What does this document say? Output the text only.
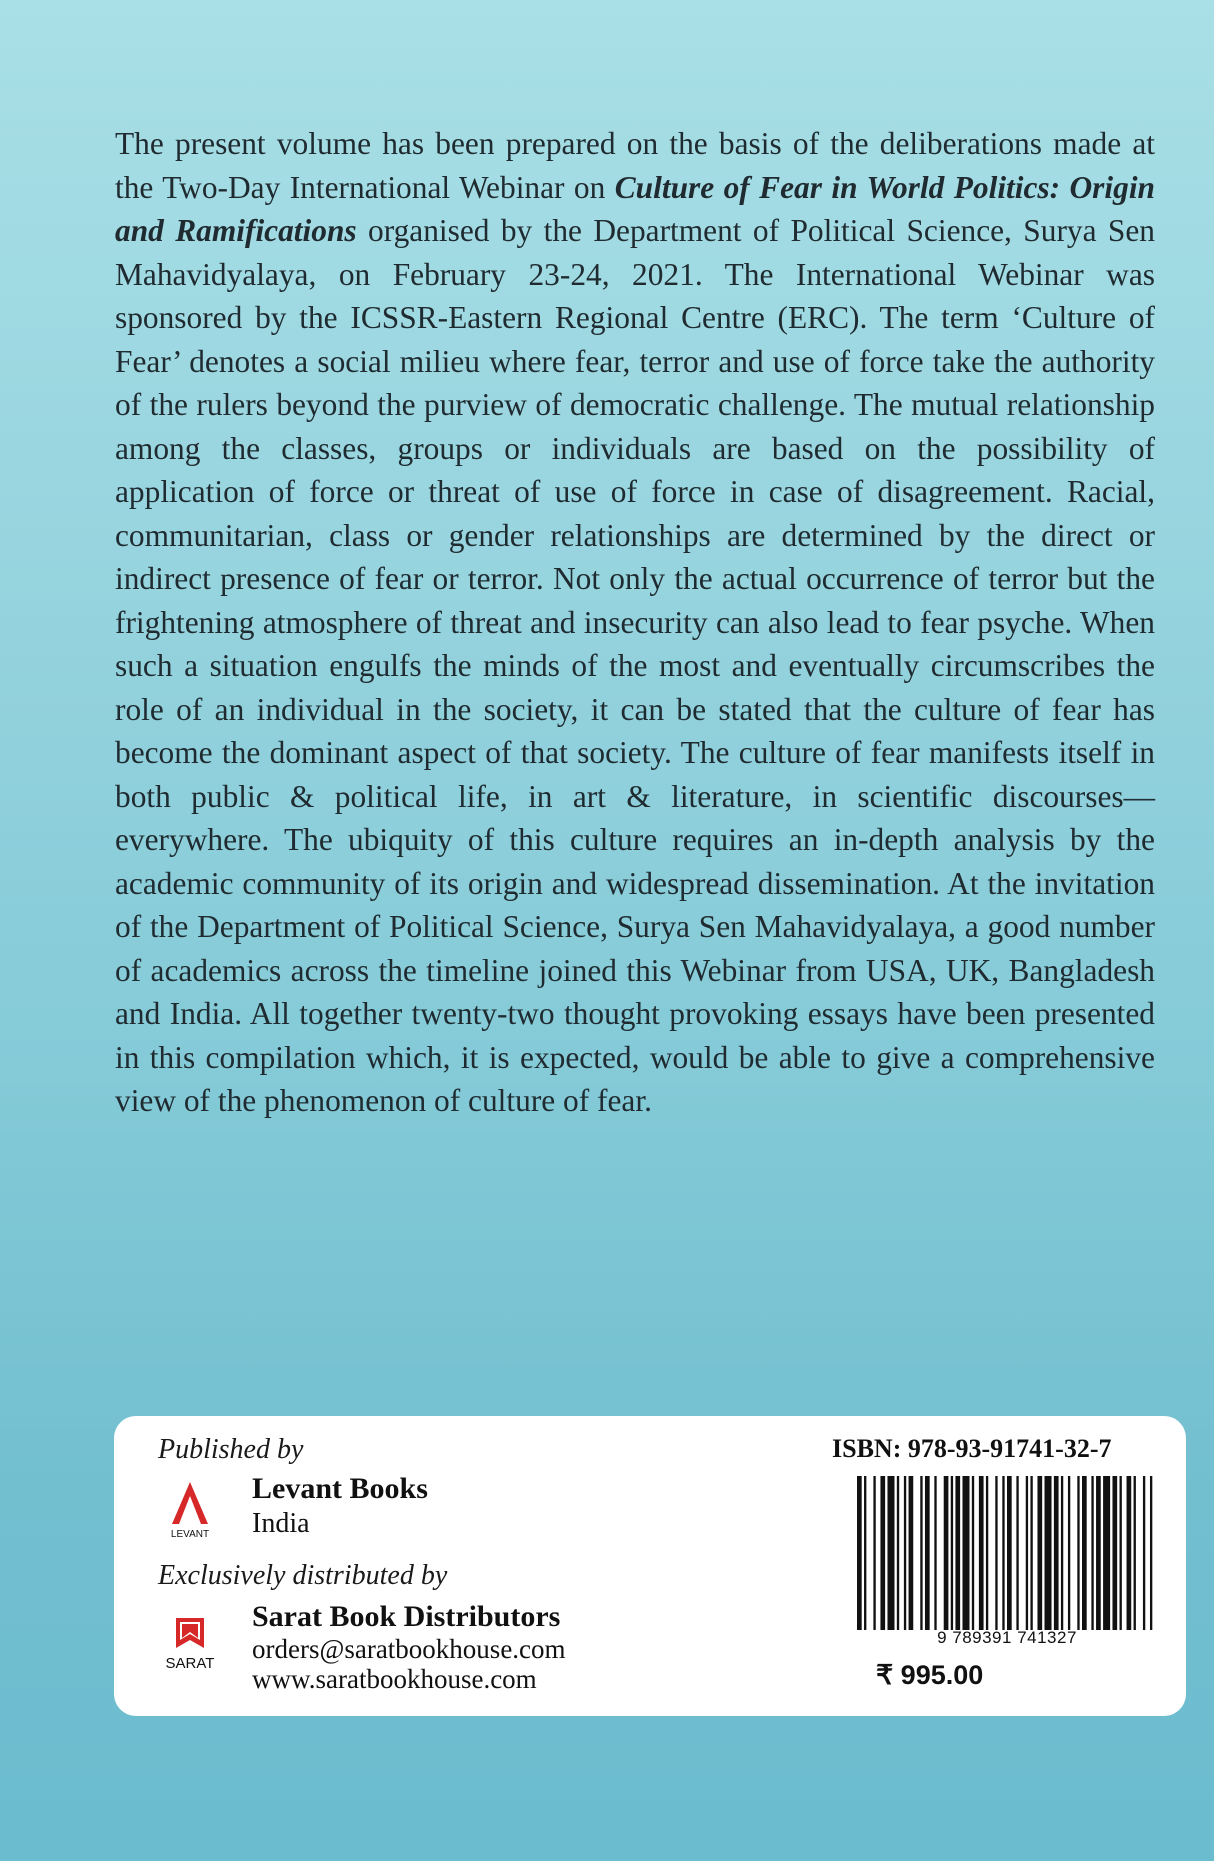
The present volume has been prepared on the basis of the deliberations made at the Two-Day International Webinar on Culture of Fear in World Politics: Origin and Ramifications organised by the Department of Political Science, Surya Sen Mahavidyalaya, on February 23-24, 2021. The International Webinar was sponsored by the ICSSR-Eastern Regional Centre (ERC). The term ‘Culture of Fear’ denotes a social milieu where fear, terror and use of force take the authority of the rulers beyond the purview of democratic challenge. The mutual relationship among the classes, groups or individuals are based on the possibility of application of force or threat of use of force in case of disagreement. Racial, communitarian, class or gender relationships are determined by the direct or indirect presence of fear or terror. Not only the actual occurrence of terror but the frightening atmosphere of threat and insecurity can also lead to fear psyche. When such a situation engulfs the minds of the most and eventually circumscribes the role of an individual in the society, it can be stated that the culture of fear has become the dominant aspect of that society. The culture of fear manifests itself in both public & political life, in art & literature, in scientific discourses—everywhere. The ubiquity of this culture requires an in-depth analysis by the academic community of its origin and widespread dissemination. At the invitation of the Department of Political Science, Surya Sen Mahavidyalaya, a good number of academics across the timeline joined this Webinar from USA, UK, Bangladesh and India. All together twenty-two thought provoking essays have been presented in this compilation which, it is expected, would be able to give a comprehensive view of the phenomenon of culture of fear.
Published by
LEVANT
Levant Books
India
Exclusively distributed by
SARAT
Sarat Book Distributors
orders@saratbookhouse.com
www.saratbookhouse.com
ISBN: 978-93-91741-32-7
9 789391 741327
₹ 995.00
